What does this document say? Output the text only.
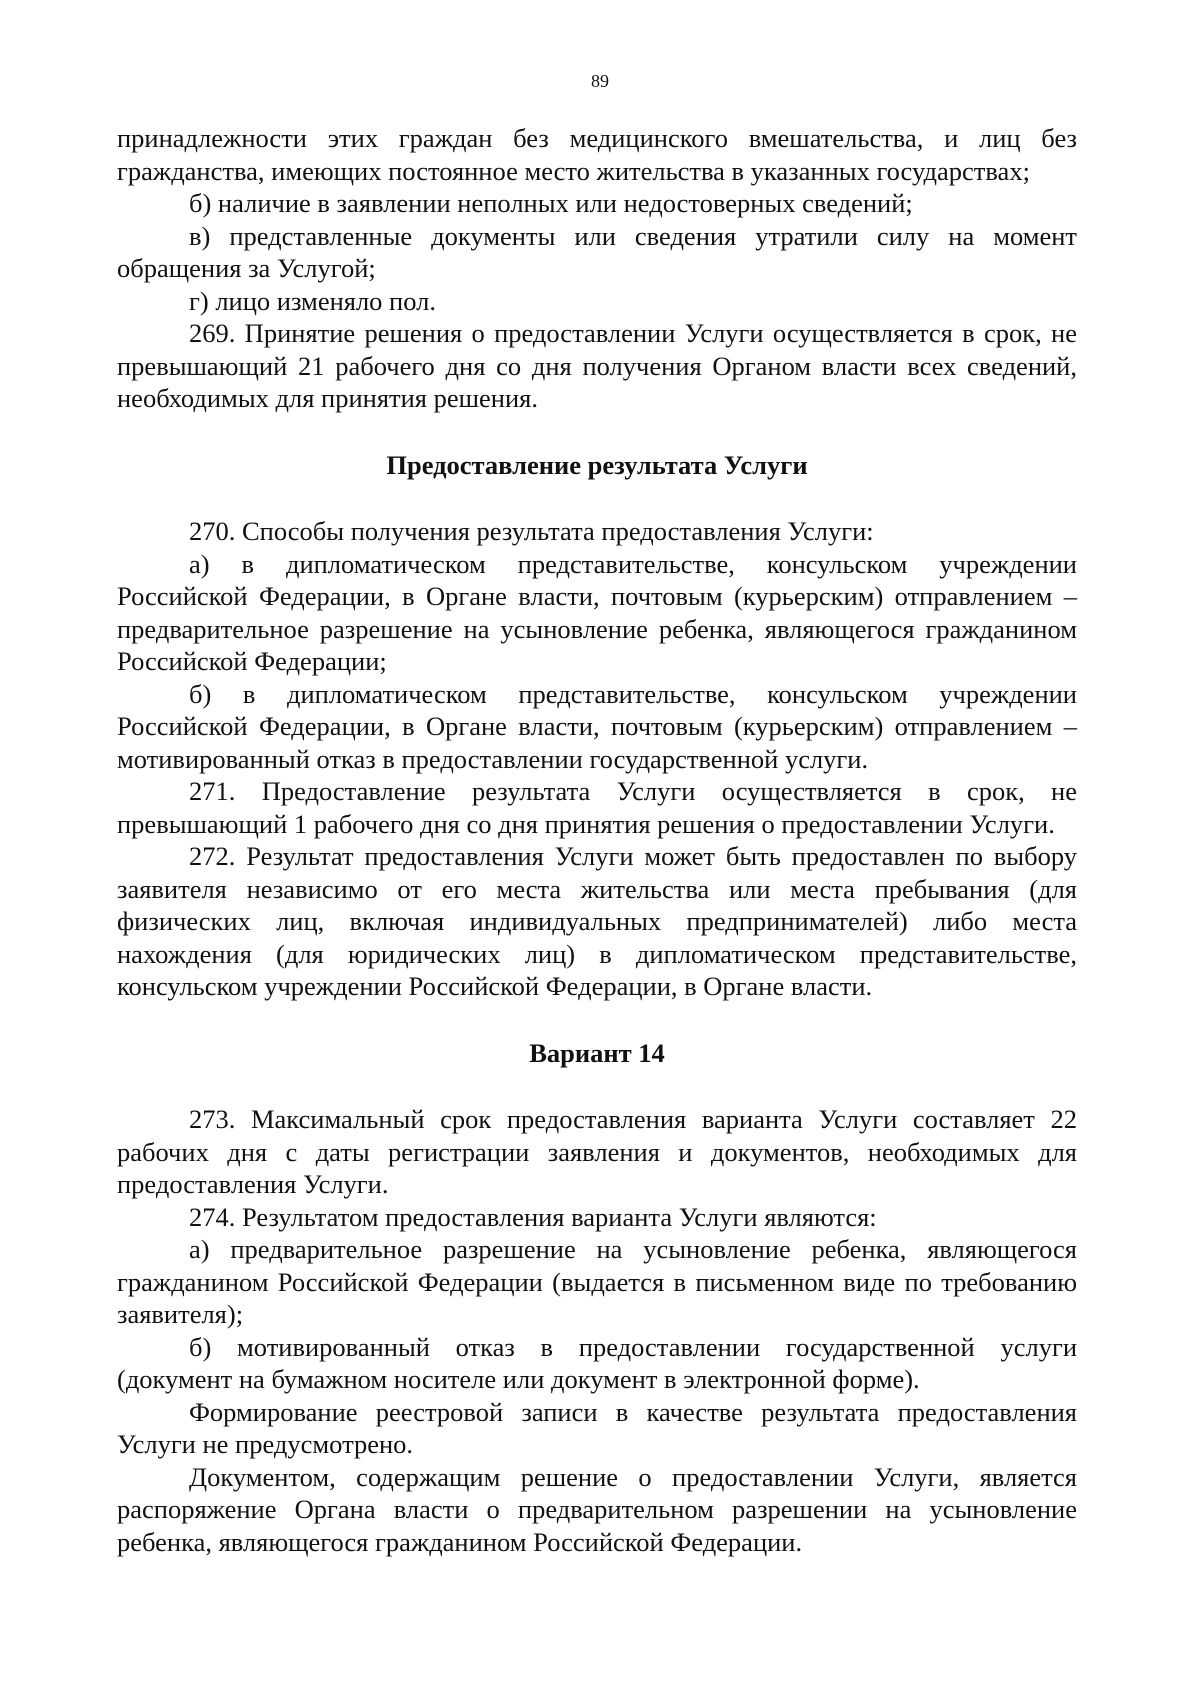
89

принадлежности этих граждан без медицинского вмешательства, и лиц без гражданства, имеющих постоянное место жительства в указанных государствах;

б) наличие в заявлении неполных или недостоверных сведений;

в) представленные документы или сведения утратили силу на момент обращения за Услугой;

г) лицо изменяло пол.

269. Принятие решения о предоставлении Услуги осуществляется в срок, не превышающий 21 рабочего дня со дня получения Органом власти всех сведений, необходимых для принятия решения.

Предоставление результата Услуги

270. Способы получения результата предоставления Услуги:

а) в дипломатическом представительстве, консульском учреждении Российской Федерации, в Органе власти, почтовым (курьерским) отправлением – предварительное разрешение на усыновление ребенка, являющегося гражданином Российской Федерации;

б) в дипломатическом представительстве, консульском учреждении Российской Федерации, в Органе власти, почтовым (курьерским) отправлением – мотивированный отказ в предоставлении государственной услуги.

271. Предоставление результата Услуги осуществляется в срок, не превышающий 1 рабочего дня со дня принятия решения о предоставлении Услуги.

272. Результат предоставления Услуги может быть предоставлен по выбору заявителя независимо от его места жительства или места пребывания (для физических лиц, включая индивидуальных предпринимателей) либо места нахождения (для юридических лиц) в дипломатическом представительстве, консульском учреждении Российской Федерации, в Органе власти.

Вариант 14

273. Максимальный срок предоставления варианта Услуги составляет 22 рабочих дня с даты регистрации заявления и документов, необходимых для предоставления Услуги.

274. Результатом предоставления варианта Услуги являются:

а) предварительное разрешение на усыновление ребенка, являющегося гражданином Российской Федерации (выдается в письменном виде по требованию заявителя);

б) мотивированный отказ в предоставлении государственной услуги (документ на бумажном носителе или документ в электронной форме).

Формирование реестровой записи в качестве результата предоставления Услуги не предусмотрено.

Документом, содержащим решение о предоставлении Услуги, является распоряжение Органа власти о предварительном разрешении на усыновление ребенка, являющегося гражданином Российской Федерации.
